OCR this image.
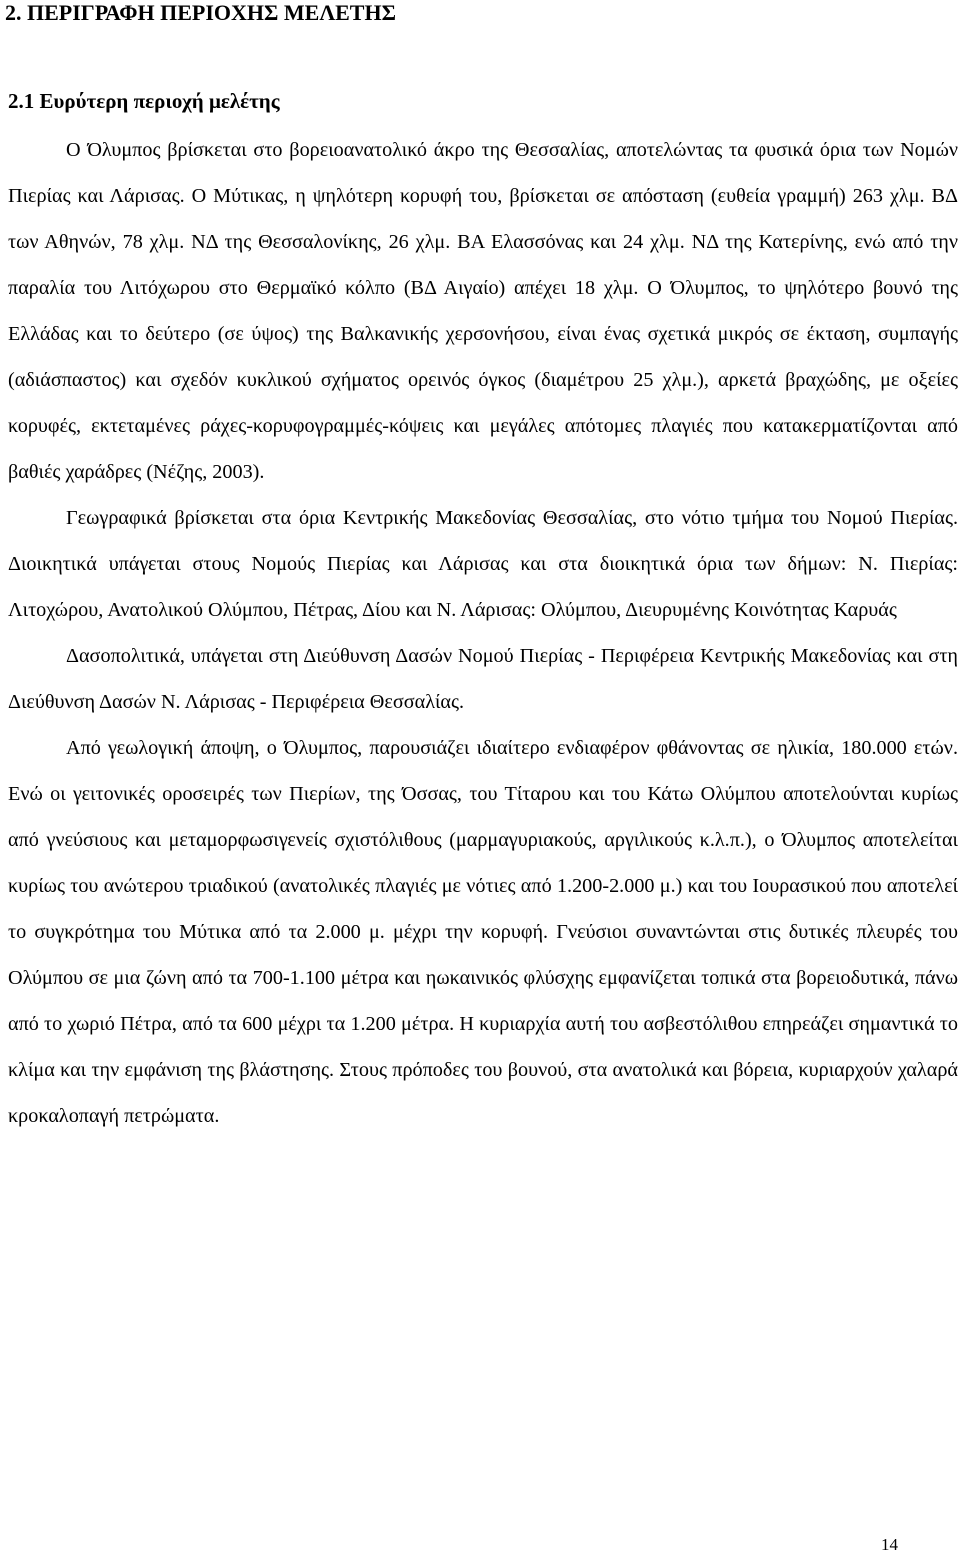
2. ΠΕΡΙΓΡΑΦΗ ΠΕΡΙΟΧΗΣ ΜΕΛΕΤΗΣ
2.1 Ευρύτερη περιοχή μελέτης

Ο Όλυμπος βρίσκεται στο βορειοανατολικό άκρο της Θεσσαλίας, αποτελώντας τα φυσικά όρια των Νομών Πιερίας και Λάρισας. Ο Μύτικας, η ψηλότερη κορυφή του, βρίσκεται σε απόσταση (ευθεία γραμμή) 263 χλμ. ΒΔ των Αθηνών, 78 χλμ. ΝΔ της Θεσσαλονίκης, 26 χλμ. ΒΑ Ελασσόνας και 24 χλμ. ΝΔ της Κατερίνης, ενώ από την παραλία του Λιτόχωρου στο Θερμαϊκό κόλπο (ΒΔ Αιγαίο) απέχει 18 χλμ. Ο Όλυμπος, το ψηλότερο βουνό της Ελλάδας και το δεύτερο (σε ύψος) της Βαλκανικής χερσονήσου, είναι ένας σχετικά μικρός σε έκταση, συμπαγής (αδιάσπαστος) και σχεδόν κυκλικού σχήματος ορεινός όγκος (διαμέτρου 25 χλμ.), αρκετά βραχώδης, με οξείες κορυφές, εκτεταμένες ράχες-κορυφογραμμές-κόψεις και μεγάλες απότομες πλαγιές που κατακερματίζονται από βαθιές χαράδρες (Νέζης, 2003).

Γεωγραφικά βρίσκεται στα όρια Κεντρικής Μακεδονίας Θεσσαλίας, στο νότιο τμήμα του Νομού Πιερίας. Διοικητικά υπάγεται στους Νομούς Πιερίας και Λάρισας και στα διοικητικά όρια των δήμων: Ν. Πιερίας: Λιτοχώρου, Ανατολικού Ολύμπου, Πέτρας, Δίου και Ν. Λάρισας: Ολύμπου, Διευρυμένης Κοινότητας Καρυάς

Δασοπολιτικά, υπάγεται στη Διεύθυνση Δασών Νομού Πιερίας - Περιφέρεια Κεντρικής Μακεδονίας και στη Διεύθυνση Δασών Ν. Λάρισας - Περιφέρεια Θεσσαλίας.

Από γεωλογική άποψη, ο Όλυμπος, παρουσιάζει ιδιαίτερο ενδιαφέρον φθάνοντας σε ηλικία, 180.000 ετών. Ενώ οι γειτονικές οροσειρές των Πιερίων, της Όσσας, του Τίταρου και του Κάτω Ολύμπου αποτελούνται κυρίως από γνεύσιους και μεταμορφωσιγενείς σχιστόλιθους (μαρμαγυριακούς, αργιλικούς κ.λ.π.), ο Όλυμπος αποτελείται κυρίως του ανώτερου τριαδικού (ανατολικές πλαγιές με νότιες από 1.200-2.000 μ.) και του Ιουρασικού που αποτελεί το συγκρότημα του Μύτικα από τα 2.000 μ. μέχρι την κορυφή. Γνεύσιοι συναντώνται στις δυτικές πλευρές του Ολύμπου σε μια ζώνη από τα 700-1.100 μέτρα και ηωκαινικός φλύσχης εμφανίζεται τοπικά στα βορειοδυτικά, πάνω από το χωριό Πέτρα, από τα 600 μέχρι τα 1.200 μέτρα. Η κυριαρχία αυτή του ασβεστόλιθου επηρεάζει σημαντικά το κλίμα και την εμφάνιση της βλάστησης. Στους πρόποδες του βουνού, στα ανατολικά και βόρεια, κυριαρχούν χαλαρά κροκαλοπαγή πετρώματα.

14
